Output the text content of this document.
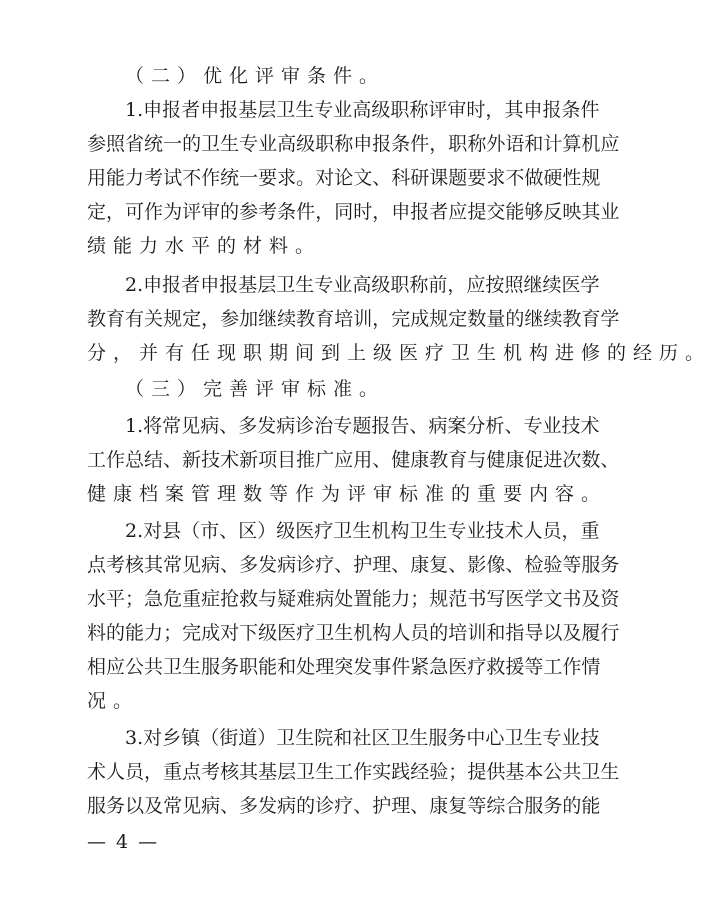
（二）优化评审条件。
1 . 申 报 者 申 报 基 层 卫 生 专 业 高 级 职 称 评 审 时 ， 其 申 报 条 件
参 照 省 统 一 的 卫 生 专 业 高 级 职 称 申 报 条 件 ， 职 称 外 语 和 计 算 机 应
用 能 力 考 试 不 作 统 一 要 求 。 对 论 文 、 科 研 课 题 要 求 不 做 硬 性 规
定 ， 可 作 为 评 审 的 参 考 条 件 ， 同 时 ， 申 报 者 应 提 交 能 够 反 映 其 业
绩能力水平的材料。
2 . 申 报 者 申 报 基 层 卫 生 专 业 高 级 职 称 前 ， 应 按 照 继 续 医 学
教 育 有 关 规 定 ， 参 加 继 续 教 育 培 训 ， 完 成 规 定 数 量 的 继 续 教 育 学
分，并有任现职期间到上级医疗卫生机构进修的经历。
（三）完善评审标准。
1 . 将 常 见 病 、 多 发 病 诊 治 专 题 报 告 、 病 案 分 析 、 专 业 技 术
工 作 总 结 、 新 技 术 新 项 目 推 广 应 用 、 健 康 教 育 与 健 康 促 进 次 数 、
健康档案管理数等作为评审标准的重要内容。
2 . 对 县 （ 市 、 区 ） 级 医 疗 卫 生 机 构 卫 生 专 业 技 术 人 员 ， 重
点 考 核 其 常 见 病 、 多 发 病 诊 疗 、 护 理 、 康 复 、 影 像 、 检 验 等 服 务
水 平 ； 急 危 重 症 抢 救 与 疑 难 病 处 置 能 力 ； 规 范 书 写 医 学 文 书 及 资
料 的 能 力 ； 完 成 对 下 级 医 疗 卫 生 机 构 人 员 的 培 训 和 指 导 以 及 履 行
相 应 公 共 卫 生 服 务 职 能 和 处 理 突 发 事 件 紧 急 医 疗 救 援 等 工 作 情
况。
3 . 对 乡 镇 （ 街 道 ） 卫 生 院 和 社 区 卫 生 服 务 中 心 卫 生 专 业 技
术 人 员 ， 重 点 考 核 其 基 层 卫 生 工 作 实 践 经 验 ； 提 供 基 本 公 共 卫 生
服 务 以 及 常 见 病 、 多 发 病 的 诊 疗 、 护 理 、 康 复 等 综 合 服 务 的 能
— 4 —
